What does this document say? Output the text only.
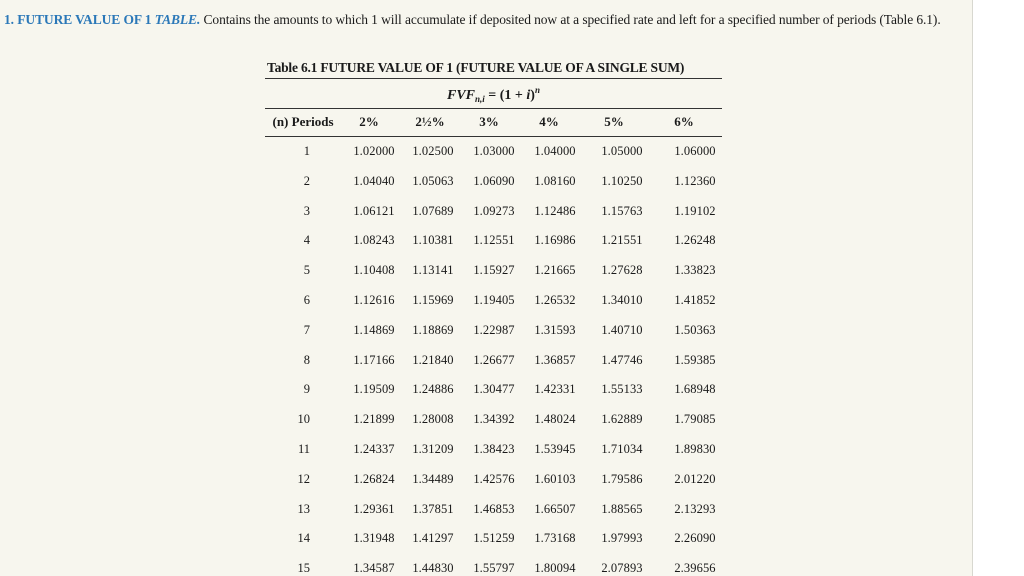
1. FUTURE VALUE OF 1 TABLE. Contains the amounts to which 1 will accumulate if deposited now at a specified rate and left for a specified number of periods (Table 6.1).
Table 6.1 FUTURE VALUE OF 1 (FUTURE VALUE OF A SINGLE SUM)
$FVF_{n,i} = (1 + i)^n$
(n) Periods	2%	2½%	3%	4%	5%	6%
1	1.02000	1.02500	1.03000	1.04000	1.05000	1.06000
2	1.04040	1.05063	1.06090	1.08160	1.10250	1.12360
3	1.06121	1.07689	1.09273	1.12486	1.15763	1.19102
4	1.08243	1.10381	1.12551	1.16986	1.21551	1.26248
5	1.10408	1.13141	1.15927	1.21665	1.27628	1.33823
6	1.12616	1.15969	1.19405	1.26532	1.34010	1.41852
7	1.14869	1.18869	1.22987	1.31593	1.40710	1.50363
8	1.17166	1.21840	1.26677	1.36857	1.47746	1.59385
9	1.19509	1.24886	1.30477	1.42331	1.55133	1.68948
10	1.21899	1.28008	1.34392	1.48024	1.62889	1.79085
11	1.24337	1.31209	1.38423	1.53945	1.71034	1.89830
12	1.26824	1.34489	1.42576	1.60103	1.79586	2.01220
13	1.29361	1.37851	1.46853	1.66507	1.88565	2.13293
14	1.31948	1.41297	1.51259	1.73168	1.97993	2.26090
15	1.34587	1.44830	1.55797	1.80094	2.07893	2.39656
